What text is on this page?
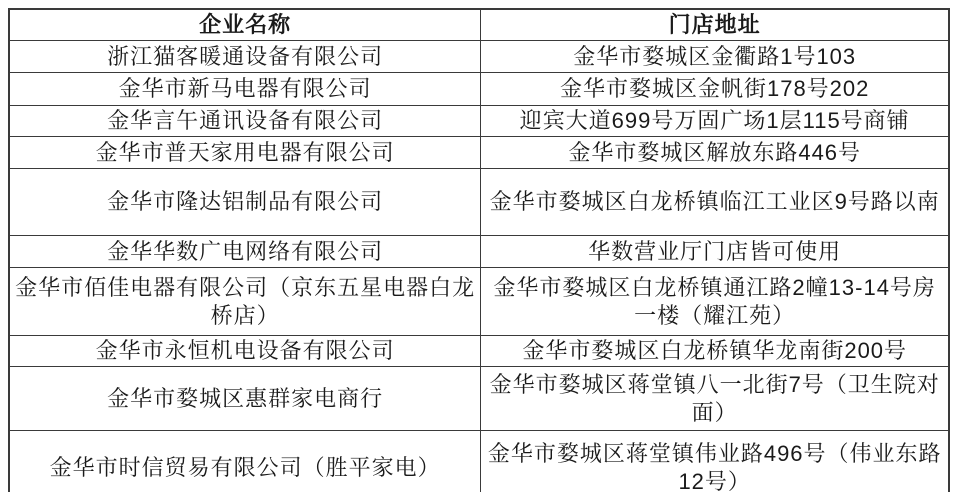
企业名称	门店地址
浙江猫客暖通设备有限公司	金华市婺城区金衢路1号103
金华市新马电器有限公司	金华市婺城区金帆街178号202
金华言午通讯设备有限公司	迎宾大道699号万固广场1层115号商铺
金华市普天家用电器有限公司	金华市婺城区解放东路446号
金华市隆达铝制品有限公司	金华市婺城区白龙桥镇临江工业区9号路以南
金华华数广电网络有限公司	华数营业厅门店皆可使用
金华市佰佳电器有限公司（京东五星电器白龙桥店）	金华市婺城区白龙桥镇通江路2幢13-14号房一楼（耀江苑）
金华市永恒机电设备有限公司	金华市婺城区白龙桥镇华龙南街200号
金华市婺城区惠群家电商行	金华市婺城区蒋堂镇八一北街7号（卫生院对面）
金华市时信贸易有限公司（胜平家电）	金华市婺城区蒋堂镇伟业路496号（伟业东路12号）
